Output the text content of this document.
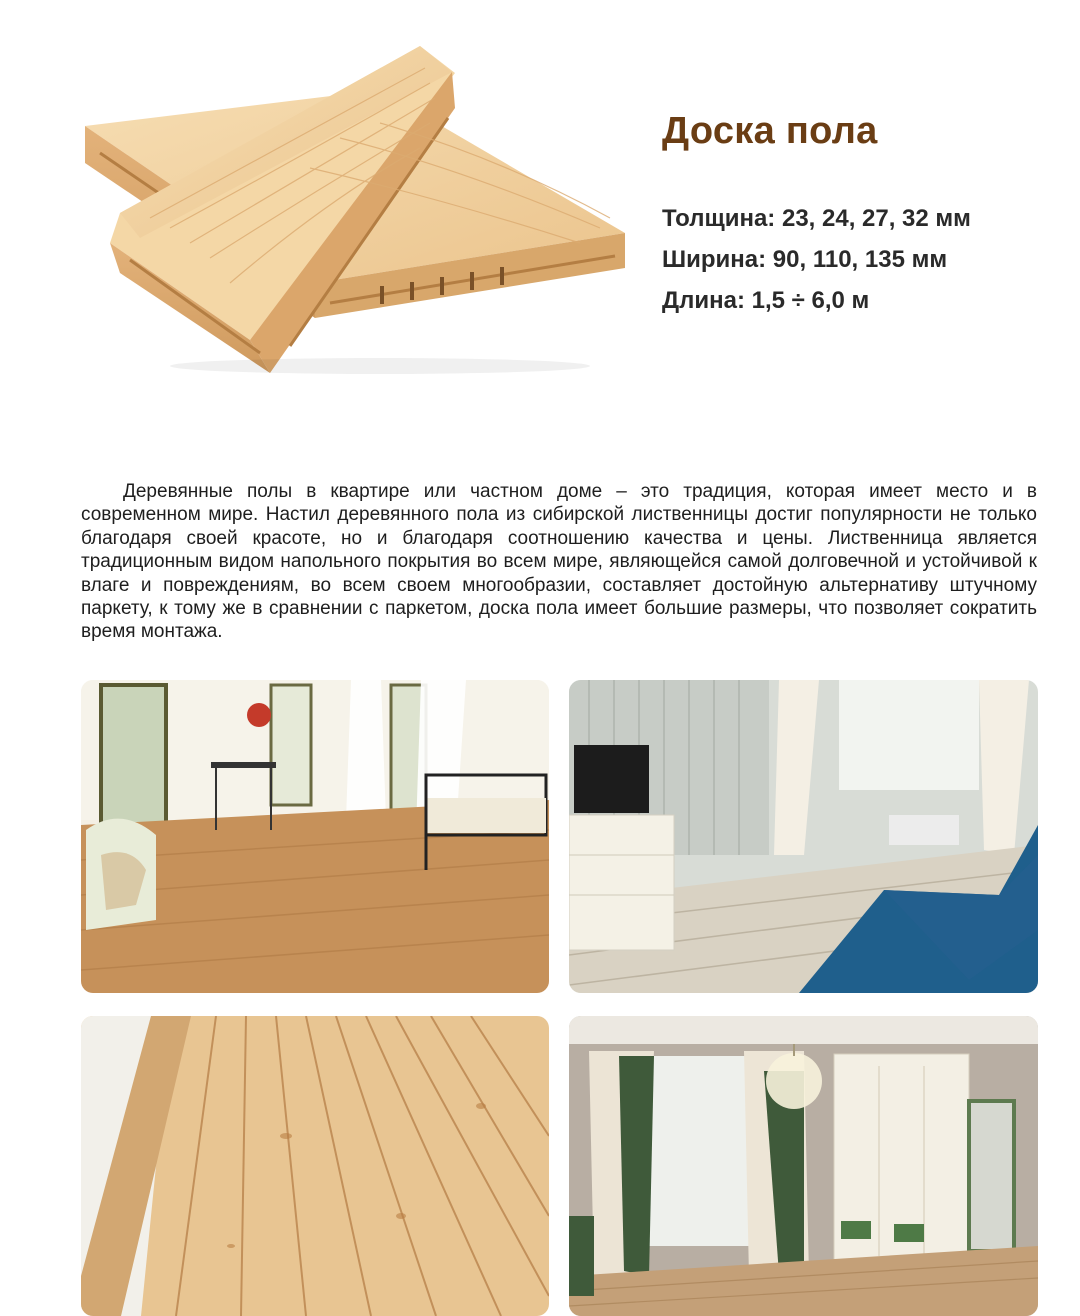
Доска пола
Толщина: 23, 24, 27, 32 мм
Ширина: 90, 110, 135 мм
Длина: 1,5 ÷ 6,0 м

Деревянные полы в квартире или частном доме – это традиция, которая имеет место и в современном мире. Настил деревянного пола из сибирской лиственницы достиг популярности не только благодаря своей красоте, но и благодаря соотношению качества и цены. Лиственница является традиционным видом напольного покрытия во всем мире, являющейся самой долговечной и устойчивой к влаге и повреждениям, во всем своем многообразии, составляет достойную альтернативу штучному паркету, к тому же в сравнении с паркетом, доска пола имеет большие размеры, что позволяет сократить время монтажа.
